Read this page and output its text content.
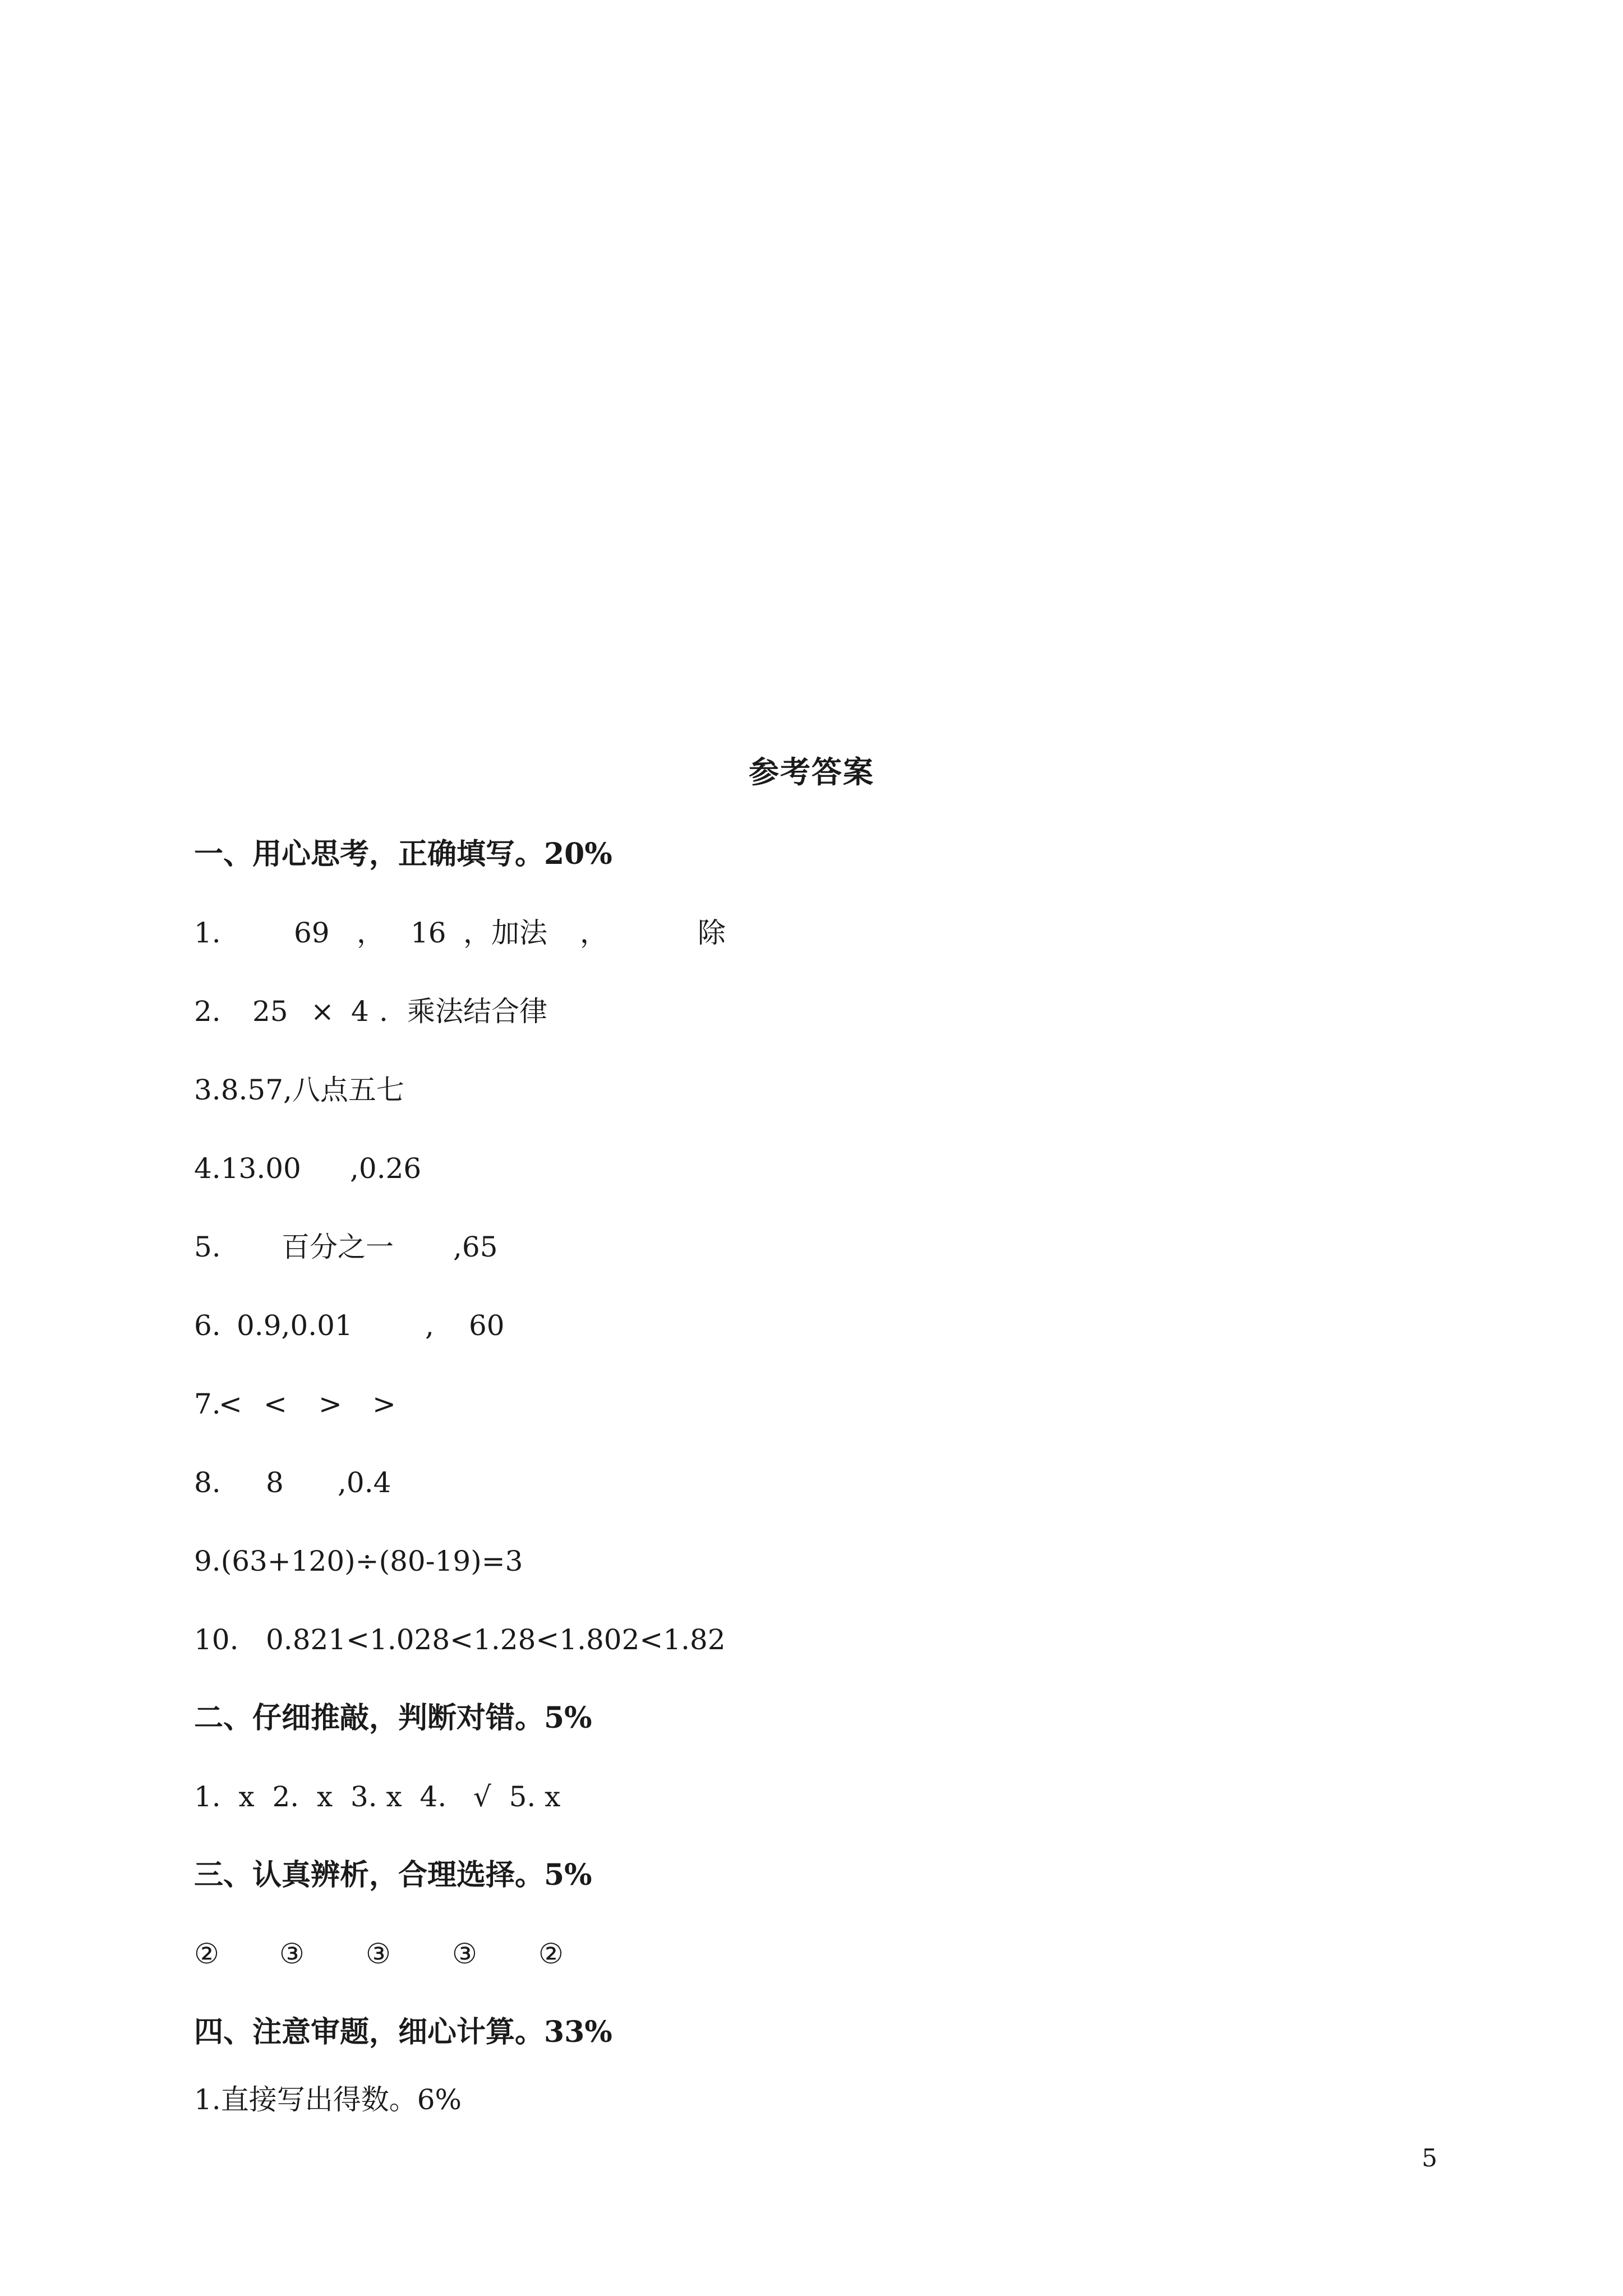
参考答案
一、用心思考，正确填写。20%

1.

	69

，

16

，加法

，

	除

2.

25

×

4

.

乘法结合律

3.8.57,八点五七

4.13.00

,0.26

5.

百分之一

,65

6.

0.9,0.01

	,

60

7.

<

<

>

>

8.

8

,0.4

9.(63+120)÷(80-19)=3

10.

0.821<1.028<1.28<1.802<1.82

二、仔细推敲，判断对错。5%
1.  x  2.  x  3. x  4.   √  5. x
三、认真辨析，合理选择。5%

②

③

③

③

②

四、注意审题，细心计算。33%
1.直接写出得数。6%
5
